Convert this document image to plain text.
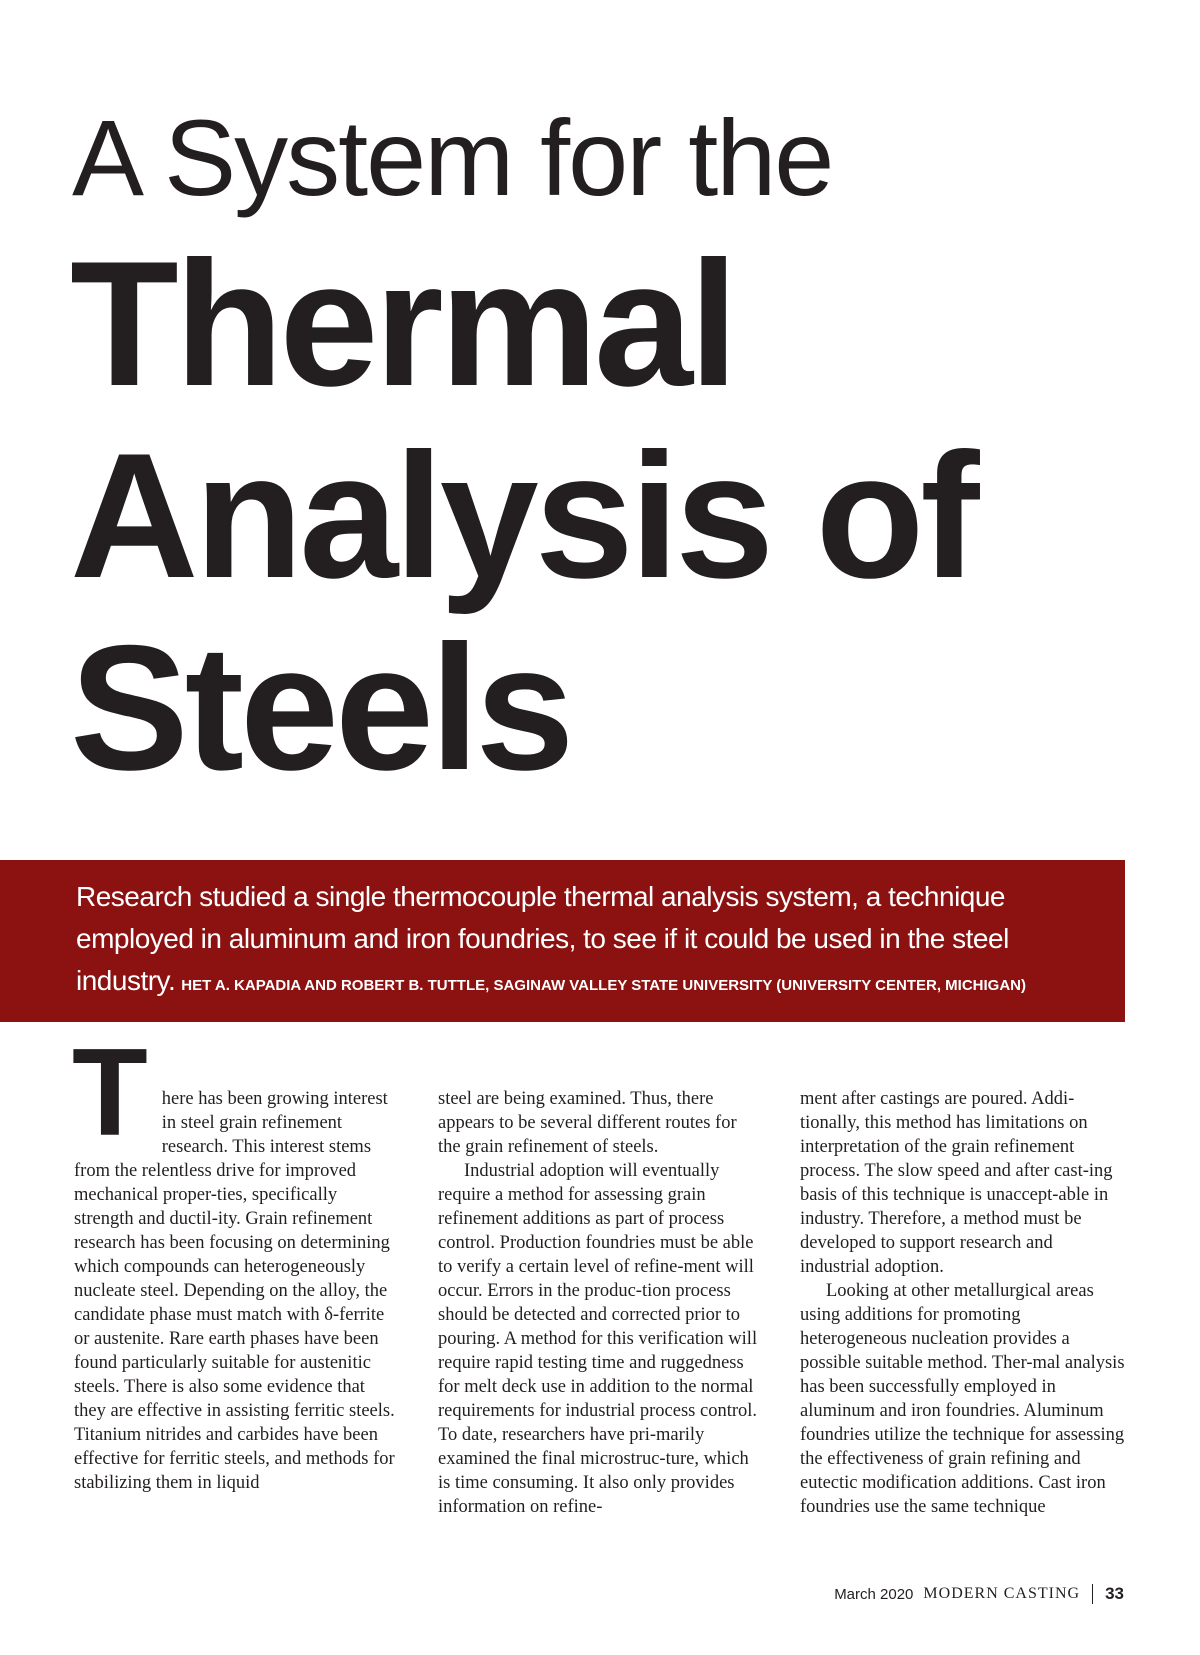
A System for the
Thermal
Analysis of
Steels

Research studied a single thermocouple thermal analysis system, a technique employed in aluminum and iron foundries, to see if it could be used in the steel industry. HET A. KAPADIA AND ROBERT B. TUTTLE, SAGINAW VALLEY STATE UNIVERSITY (UNIVERSITY CENTER, MICHIGAN)

T here has been growing interest in steel grain refinement research. This interest stems from the relentless drive for improved mechanical proper-ties, specifically strength and ductil-ity. Grain refinement research has been focusing on determining which compounds can heterogeneously nucleate steel. Depending on the alloy, the candidate phase must match with δ-ferrite or austenite. Rare earth phases have been found particularly suitable for austenitic steels. There is also some evidence that they are effective in assisting ferritic steels. Titanium nitrides and carbides have been effective for ferritic steels, and methods for stabilizing them in liquid

steel are being examined. Thus, there appears to be several different routes for the grain refinement of steels.

Industrial adoption will eventually require a method for assessing grain refinement additions as part of process control. Production foundries must be able to verify a certain level of refine-ment will occur. Errors in the produc-tion process should be detected and corrected prior to pouring. A method for this verification will require rapid testing time and ruggedness for melt deck use in addition to the normal requirements for industrial process control. To date, researchers have pri-marily examined the final microstruc-ture, which is time consuming. It also only provides information on refine-

ment after castings are poured. Addi-tionally, this method has limitations on interpretation of the grain refinement process. The slow speed and after cast-ing basis of this technique is unaccept-able in industry. Therefore, a method must be developed to support research and industrial adoption.

Looking at other metallurgical areas using additions for promoting heterogeneous nucleation provides a possible suitable method. Ther-mal analysis has been successfully employed in aluminum and iron foundries. Aluminum foundries utilize the technique for assessing the effectiveness of grain refining and eutectic modification additions. Cast iron foundries use the same technique

March 2020 MODERN CASTING 33
